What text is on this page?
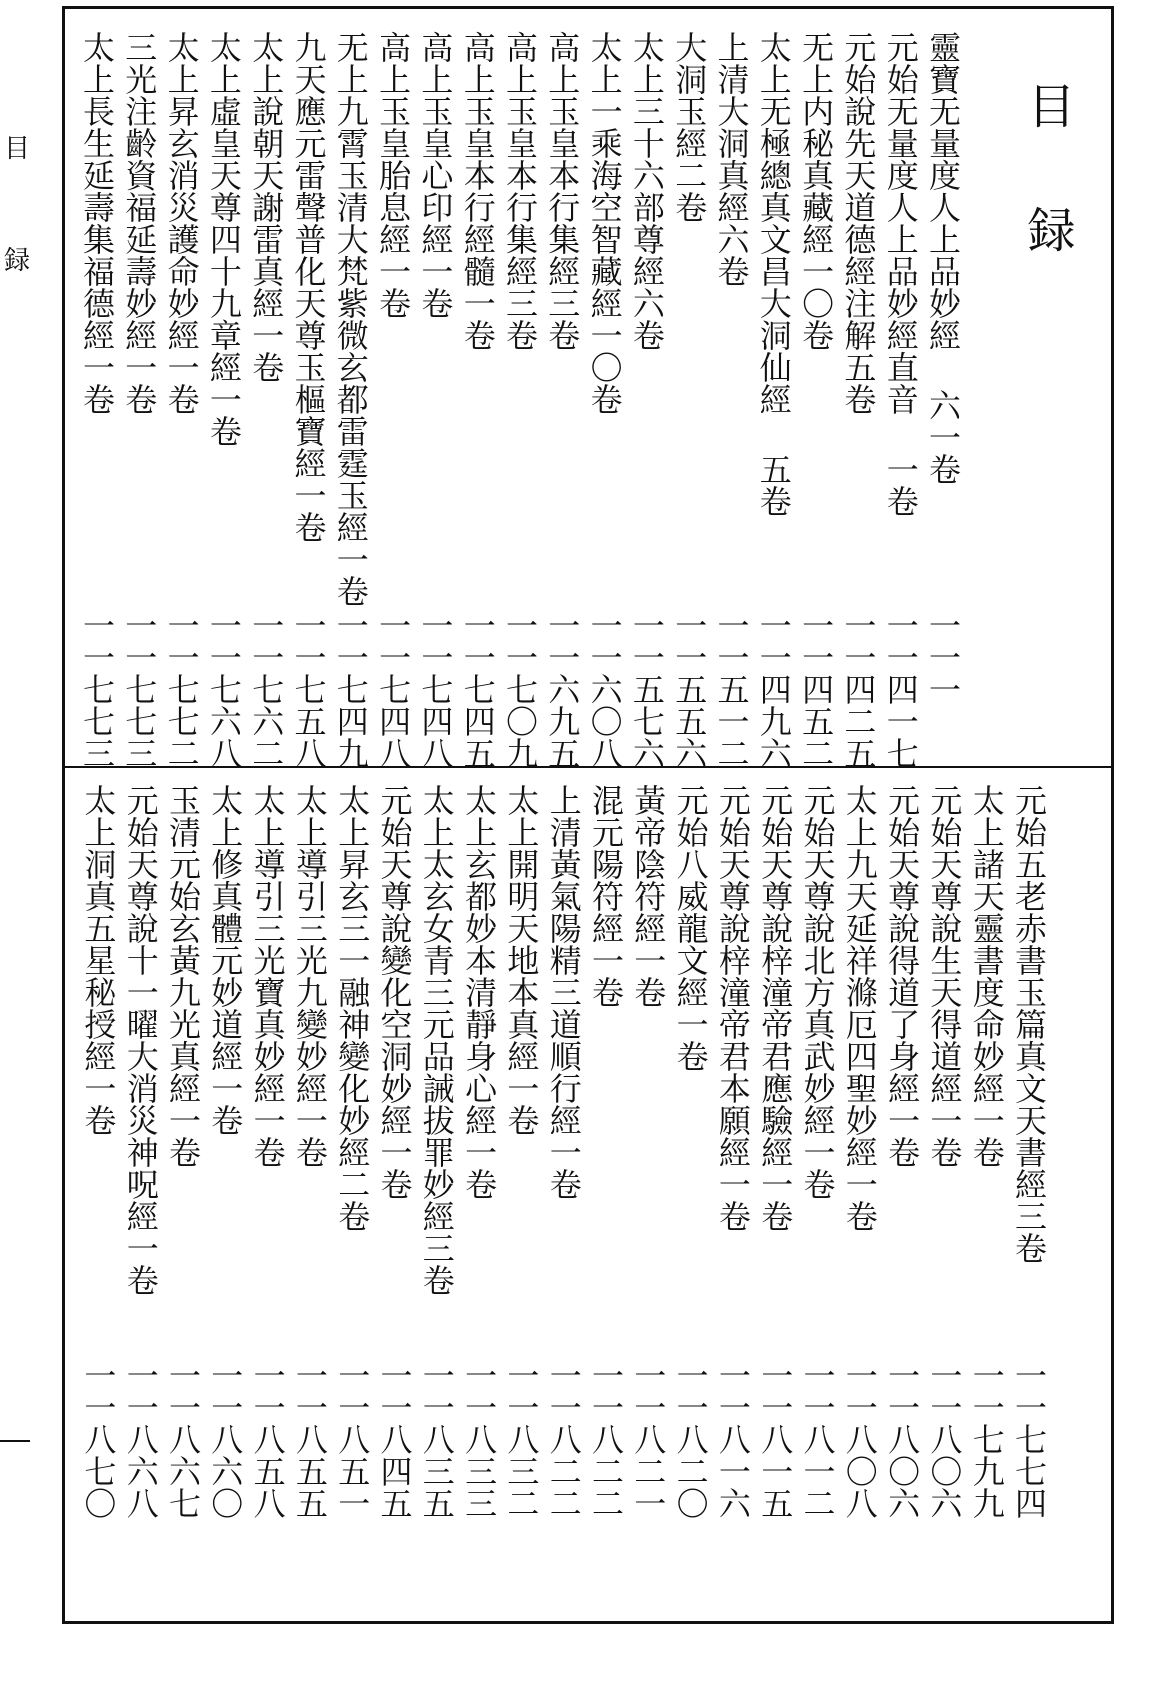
目
録
目
録
靈寶无量度人上品妙經 六一卷
一一一
元始无量度人上品妙經直音 一卷
一一四一七
元始說先天道德經注解五卷
一一四二五
无上内秘真藏經一〇卷
一一四五二
太上无極總真文昌大洞仙經 五卷
一一四九六
上清大洞真經六卷
一一五一二
大洞玉經二卷
一一五五六
太上三十六部尊經六卷
一一五七六
太上一乘海空智藏經一〇卷
一一六〇八
高上玉皇本行集經三卷
一一六九五
高上玉皇本行集經三卷
一一七〇九
高上玉皇本行經髓一卷
一一七四五
高上玉皇心印經一卷
一一七四八
高上玉皇胎息經一卷
一一七四八
无上九霄玉清大梵紫微玄都雷霆玉經一卷
一一七四九
九天應元雷聲普化天尊玉樞寶經一卷
一一七五八
太上說朝天謝雷真經一卷
一一七六二
太上虛皇天尊四十九章經一卷
一一七六八
太上昇玄消災護命妙經一卷
一一七七二
三光注齡資福延壽妙經一卷
一一七七三
太上長生延壽集福德經一卷
一一七七三
元始五老赤書玉篇真文天書經三卷
一一七七四
太上諸天靈書度命妙經一卷
一一七九九
元始天尊說生天得道經一卷
一一八〇六
元始天尊說得道了身經一卷
一一八〇六
太上九天延祥滌厄四聖妙經一卷
一一八〇八
元始天尊說北方真武妙經一卷
一一八一二
元始天尊說梓潼帝君應驗經一卷
一一八一五
元始天尊說梓潼帝君本願經一卷
一一八一六
元始八威龍文經一卷
一一八二〇
黃帝陰符經一卷
一一八二一
混元陽符經一卷
一一八二二
上清黃氣陽精三道順行經一卷
一一八二二
太上開明天地本真經一卷
一一八三二
太上玄都妙本清靜身心經一卷
一一八三三
太上太玄女青三元品誡拔罪妙經三卷
一一八三五
元始天尊說變化空洞妙經一卷
一一八四五
太上昇玄三一融神變化妙經二卷
一一八五一
太上導引三光九變妙經一卷
一一八五五
太上導引三光寶真妙經一卷
一一八五八
太上修真體元妙道經一卷
一一八六〇
玉清元始玄黃九光真經一卷
一一八六七
元始天尊說十一曜大消災神呪經一卷
一一八六八
太上洞真五星秘授經一卷
一一八七〇
